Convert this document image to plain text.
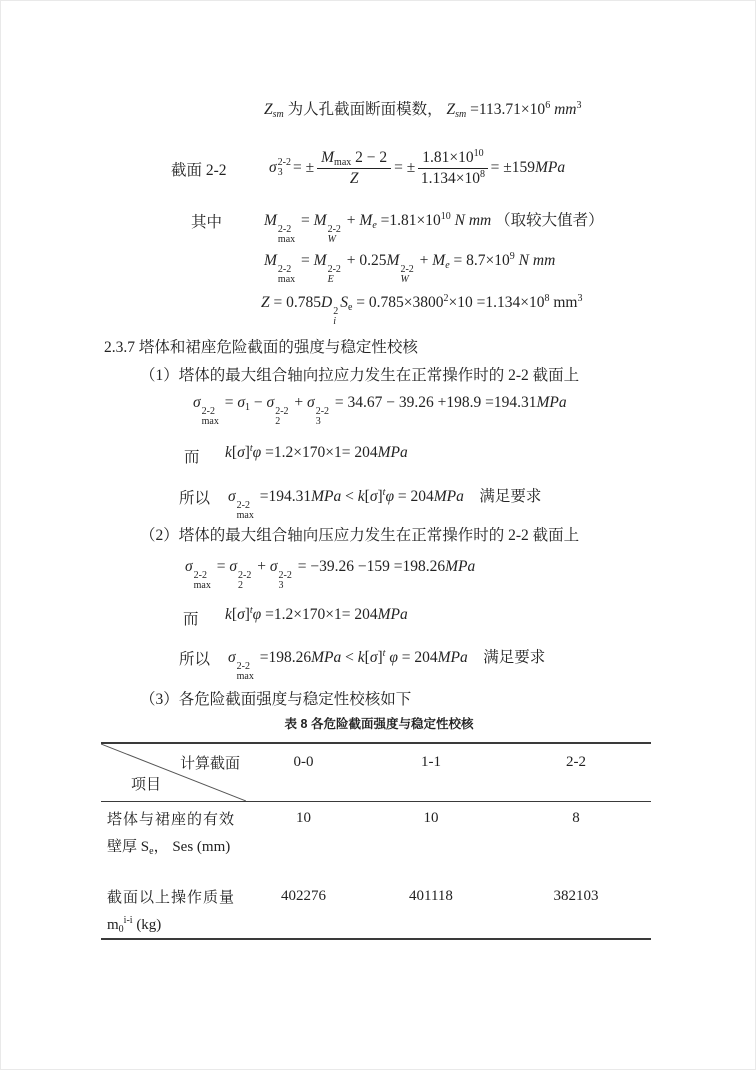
Zsm 为人孔截面断面模数， Zsm $=113.71\times 10^6$ $mm^3$
截面 2-2	σ 2-2
3 = ± $\frac{Mmax 2 - 2}{Z}$ = ± $\frac{1.81\times 10^{10}}{1.134\times 10^8} = \pm 159$ MPa
其中	M
2-2
max
= M
2-2
W
+ $Me =1.81\times 10^{10}$ N mm （取较大值者）
M
2-2
max
= M
2-2
E
+ 0.25M
2-2
W
+ $Me = 8.7\times 10^9$ N mm
Z = 0.785D
2
i
$Se = 0.785\times 3800^2\times 10 =1.134\times 10^8$ $mm^3$
2.3.7 塔体和裙座危险截面的强度与稳定性校核
（1）塔体的最大组合轴向拉应力发生在正常操作时的 2-2 截面上
σ
2-2
max
= σ1 − σ
2-2
2
+ σ
2-2
3
= 34.67 − 39.26 +198.9 =194.31MPa
而 $k[\sigma]^t\varphi =1.2\times 170\times 1= 204MPa$
所以 σ
2-2
max
$=194.31MPa < k[\sigma]^t\varphi = 204MPa$　满足要求
（2）塔体的最大组合轴向压应力发生在正常操作时的 2-2 截面上
σ
2-2
max
= σ
2-2
2
+ σ
2-2
3
= −39.26 −159 =198.26MPa
而 $k[\sigma]^t\varphi =1.2\times 170\times 1= 204MPa$
所以 σ
2-2
max
$=198.26MPa < k[\sigma]^t$ φ = 204MPa　满足要求
（3）各危险截面强度与稳定性校核如下
表 8 各危险截面强度与稳定性校核
计算截面
项目
0-0	1-1	2-2
塔体与裙座的有效壁厚 $S_e$， Ses (mm)
10	10	8
截面以上操作质量 $m_0^{i-i}$ (kg)
402276	401118	382103
